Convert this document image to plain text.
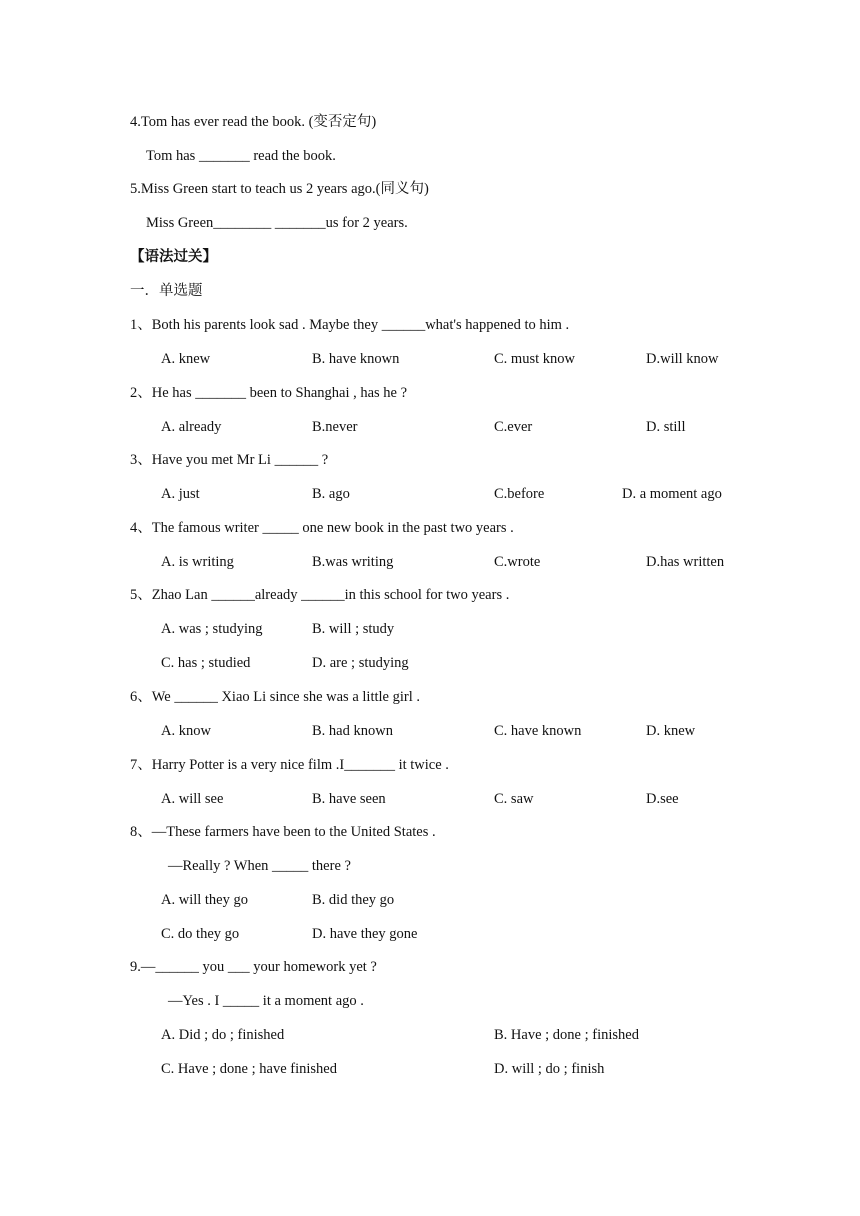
4.Tom has ever read the book. (变否定句)
Tom has _______ read the book.
5.Miss Green start to teach us 2 years ago.(同义句)
Miss Green________ _______us for 2 years.
【语法过关】
一．单选题
1、Both his parents look sad . Maybe they ______what's happened to him .
A. knew	B. have known	C. must know	D.will know
2、He has _______ been to Shanghai , has he ?
A. already	B.never	C.ever	D. still
3、Have you met Mr Li ______ ?
A. just	B. ago	C.before	D. a moment ago
4、The famous writer _____ one new book in the past two years .
A. is writing	B.was writing	C.wrote	D.has written
5、Zhao Lan ______already ______in this school for two years .
A. was ; studying	B. will ; study
C. has ; studied	D. are ; studying
6、We ______ Xiao Li since she was a little girl .
A. know	B. had known	C. have known	D. knew
7、Harry Potter is a very nice film .I_______ it twice .
A. will see	B. have seen	C. saw	D.see
8、—These farmers have been to the United States .
—Really ? When _____ there ?
A. will they go	B. did they go
C. do they go	D. have they gone
9.—______ you ___ your homework yet ?
—Yes . I _____ it a moment ago .
A. Did ; do ; finished	B. Have ; done ; finished
C. Have ; done ; have finished	D. will ; do ; finish
